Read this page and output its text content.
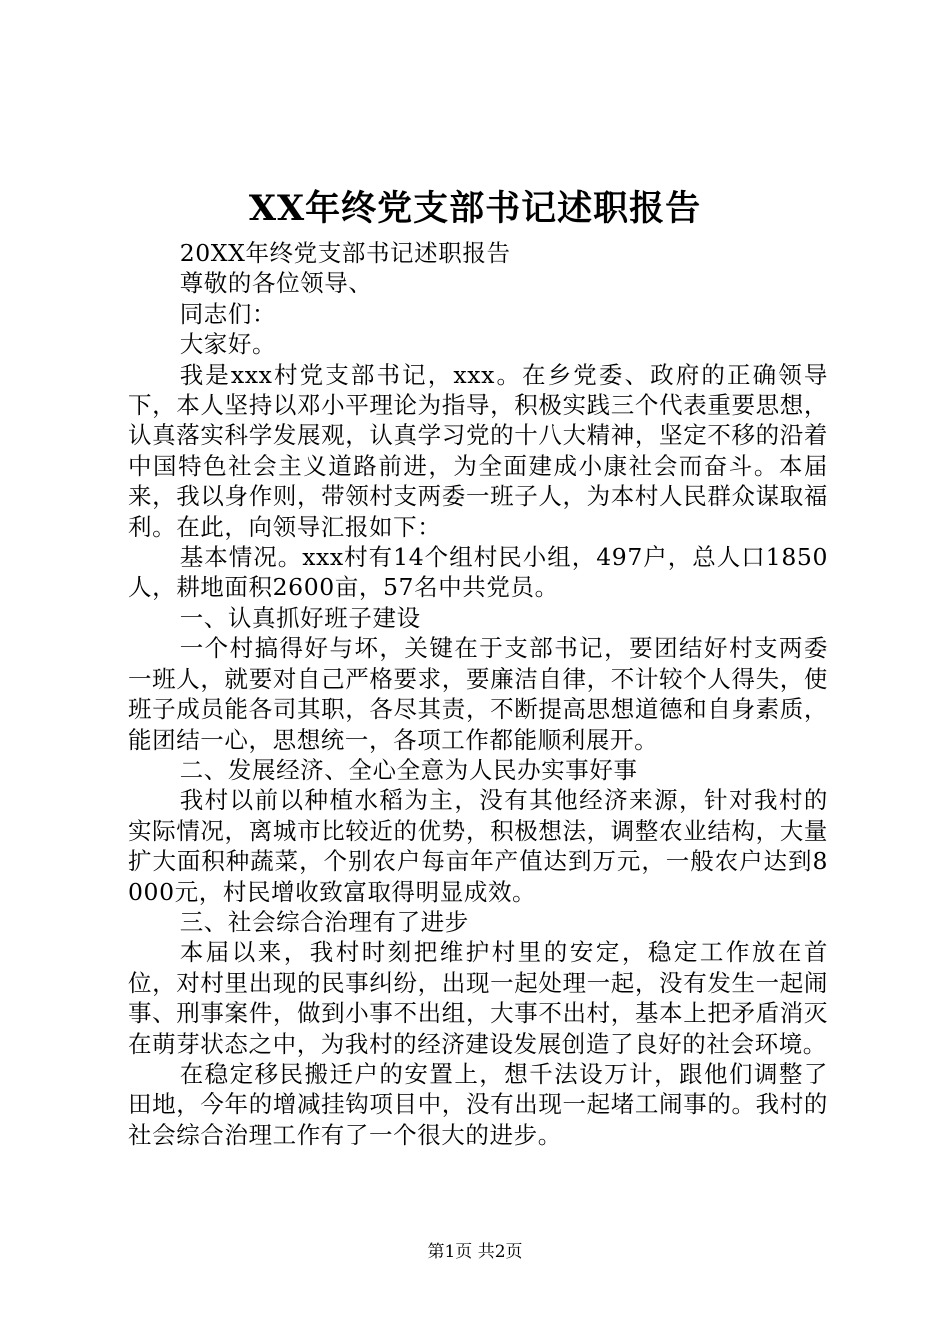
XX年终党支部书记述职报告

20XX年终党支部书记述职报告

尊敬的各位领导、

同志们：

大家好。

我是xxx村党支部书记，xxx。在乡党委、政府的正确领导下，本人坚持以邓小平理论为指导，积极实践三个代表重要思想，认真落实科学发展观，认真学习党的十八大精神，坚定不移的沿着中国特色社会主义道路前进，为全面建成小康社会而奋斗。本届来，我以身作则，带领村支两委一班子人，为本村人民群众谋取福利。在此，向领导汇报如下：

基本情况。xxx村有14个组村民小组，497户，总人口1850人，耕地面积2600亩，57名中共党员。

一、认真抓好班子建设

一个村搞得好与坏，关键在于支部书记，要团结好村支两委一班人，就要对自己严格要求，要廉洁自律，不计较个人得失，使班子成员能各司其职，各尽其责，不断提高思想道德和自身素质，能团结一心，思想统一，各项工作都能顺利展开。

二、发展经济、全心全意为人民办实事好事

我村以前以种植水稻为主，没有其他经济来源，针对我村的实际情况，离城市比较近的优势，积极想法，调整农业结构，大量扩大面积种蔬菜，个别农户每亩年产值达到万元，一般农户达到8000元，村民增收致富取得明显成效。

三、社会综合治理有了进步

本届以来，我村时刻把维护村里的安定，稳定工作放在首位，对村里出现的民事纠纷，出现一起处理一起，没有发生一起闹事、刑事案件，做到小事不出组，大事不出村，基本上把矛盾消灭在萌芽状态之中，为我村的经济建设发展创造了良好的社会环境。

在稳定移民搬迁户的安置上，想千法设万计，跟他们调整了田地，今年的增减挂钩项目中，没有出现一起堵工闹事的。我村的社会综合治理工作有了一个很大的进步。

第1页 共2页
